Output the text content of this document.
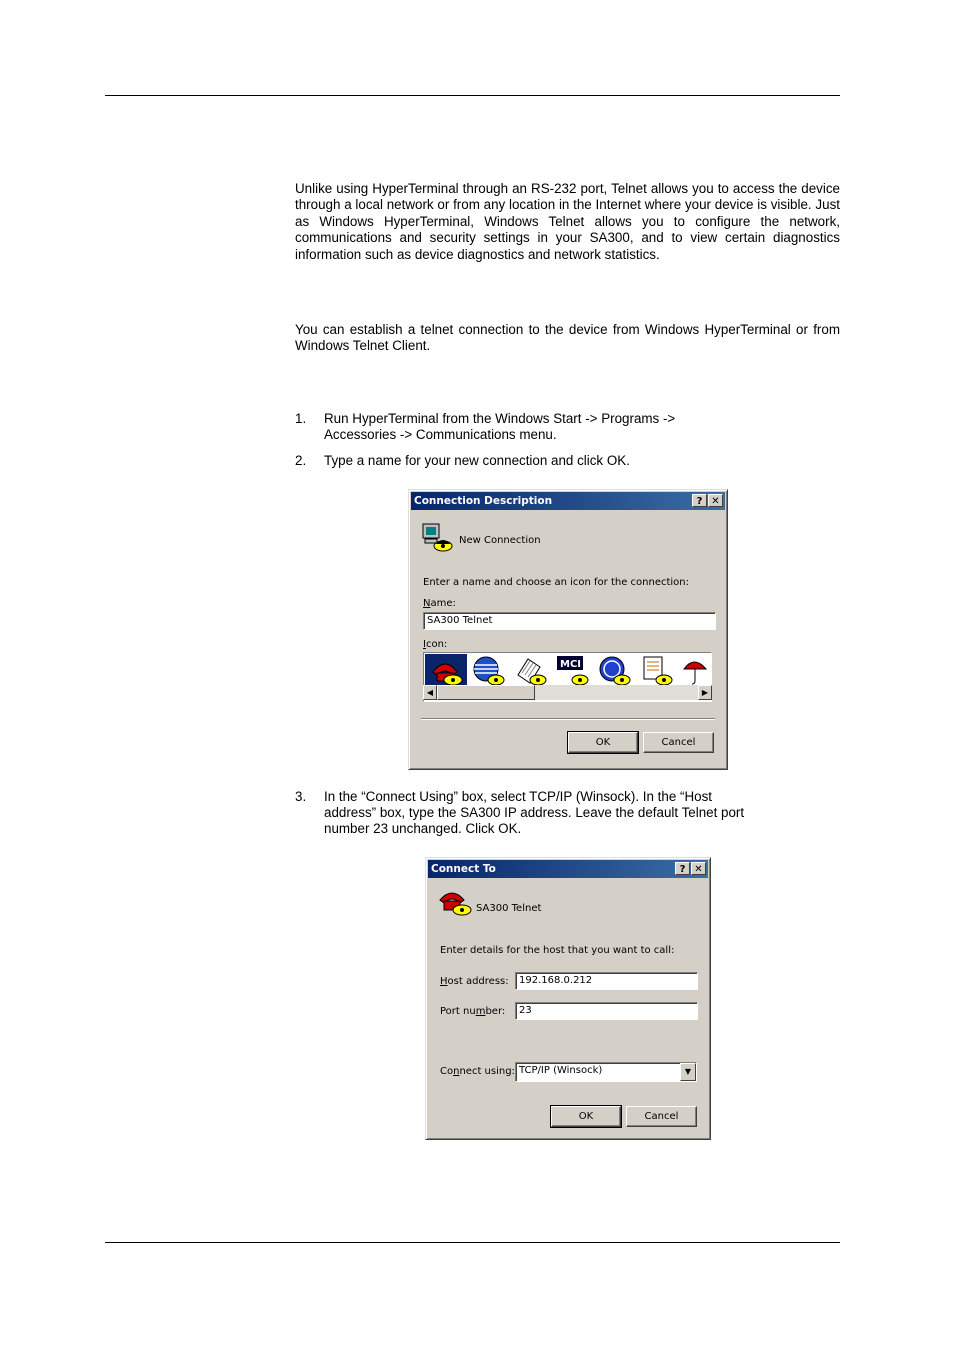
Unlike using HyperTerminal through an RS-232 port, Telnet allows you to access the device through a local network or from any location in the Internet where your device is visible. Just as Windows HyperTerminal, Windows Telnet allows you to configure the network, communications and security settings in your SA300, and to view certain diagnostics information such as device diagnostics and network statistics.

You can establish a telnet connection to the device from Windows HyperTerminal or from Windows Telnet Client.

1. Run HyperTerminal from the Windows Start -> Programs -> Accessories -> Communications menu.
2. Type a name for your new connection and click OK.
Connection Description	? ✕
New Connection
Enter a name and choose an icon for the connection:
Name:
SA300 Telnet
Icon:
MCI
◀	▶
OK	Cancel
3. In the “Connect Using” box, select TCP/IP (Winsock). In the “Host address” box, type the SA300 IP address. Leave the default Telnet port number 23 unchanged. Click OK.
Connect To	? ✕
SA300 Telnet
Enter details for the host that you want to call:
Host address:	192.168.0.212
Port number:	23
Connect using: TCP/IP (Winsock)	▼
OK	Cancel
